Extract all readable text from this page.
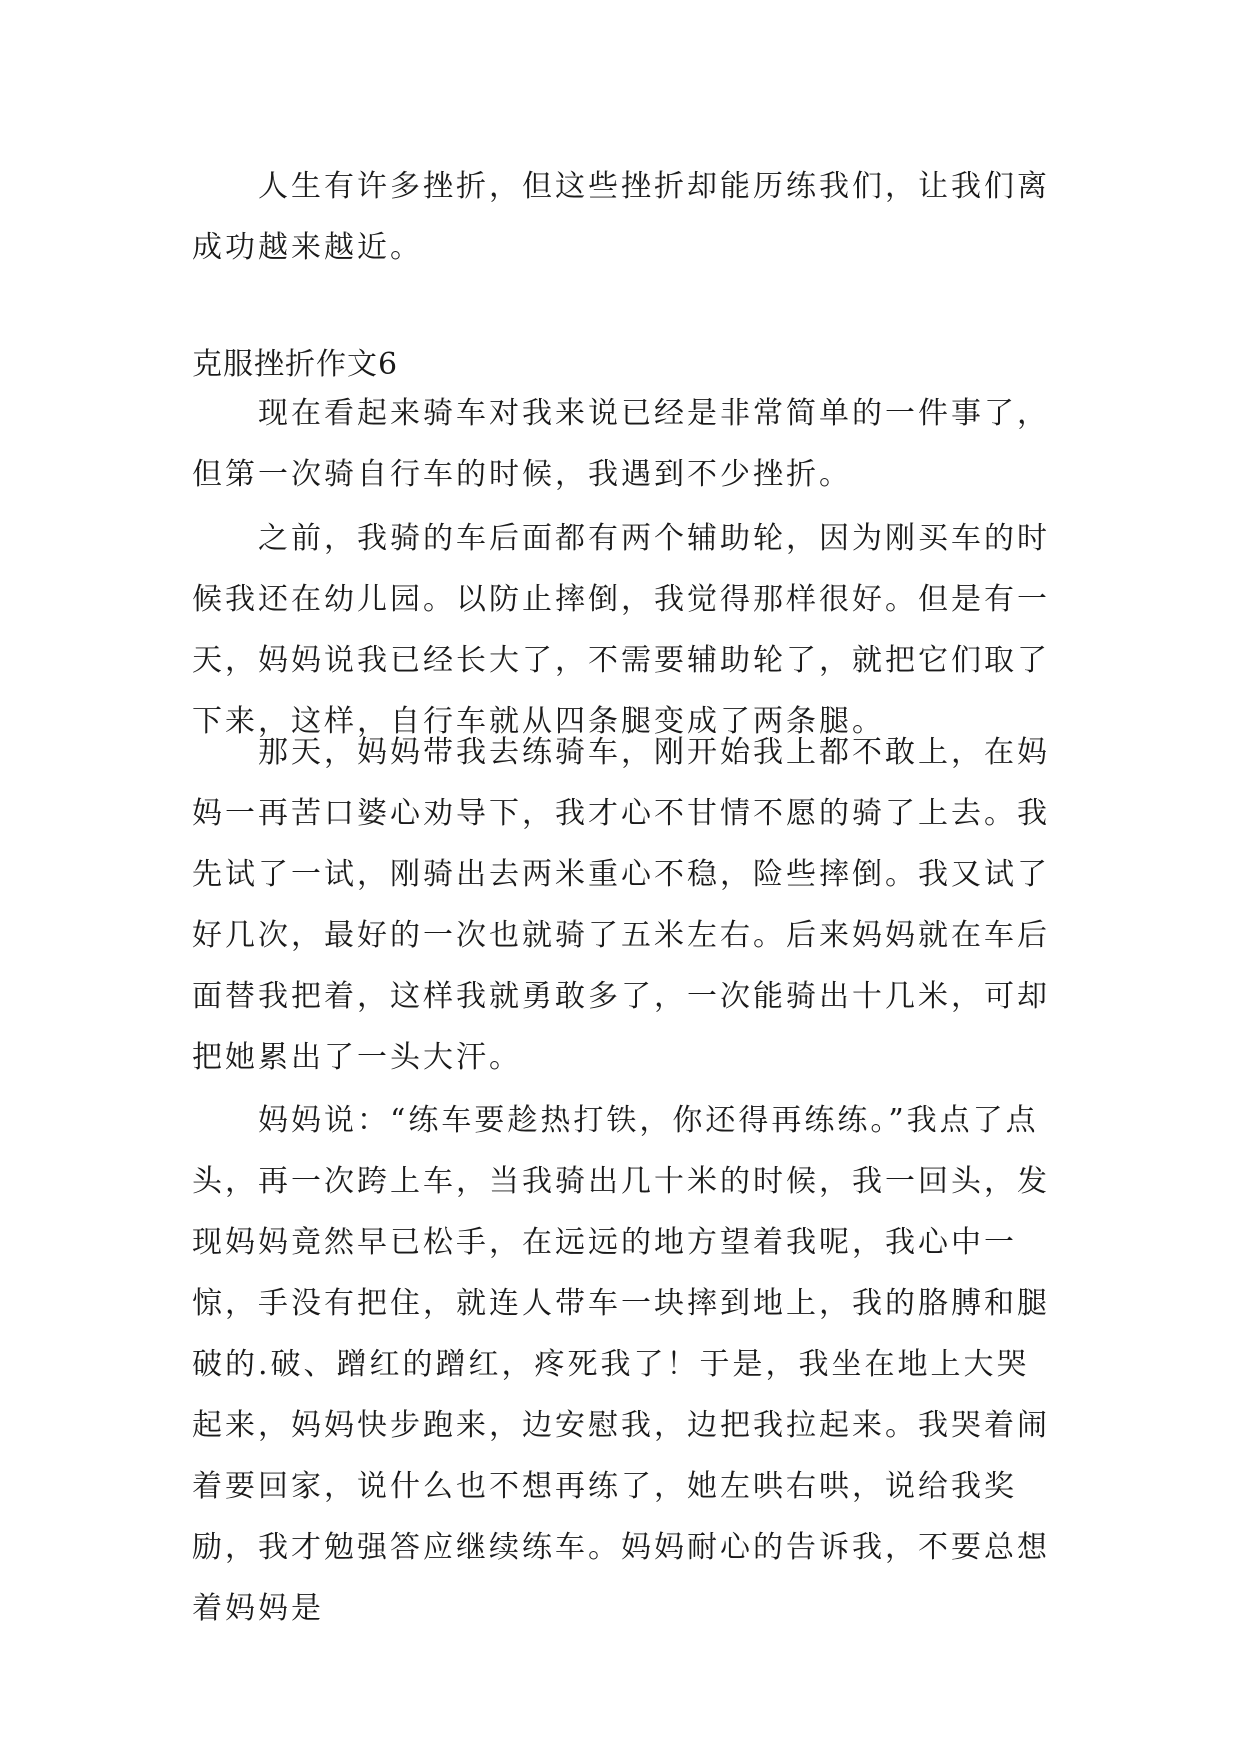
人生有许多挫折，但这些挫折却能历练我们，让我们离成功越来越近。

克服挫折作文6

现在看起来骑车对我来说已经是非常简单的一件事了，但第一次骑自行车的时候，我遇到不少挫折。

之前，我骑的车后面都有两个辅助轮，因为刚买车的时候我还在幼儿园。以防止摔倒，我觉得那样很好。但是有一天，妈妈说我已经长大了，不需要辅助轮了，就把它们取了下来，这样，自行车就从四条腿变成了两条腿。

那天，妈妈带我去练骑车，刚开始我上都不敢上，在妈妈一再苦口婆心劝导下，我才心不甘情不愿的骑了上去。我先试了一试，刚骑出去两米重心不稳，险些摔倒。我又试了好几次，最好的一次也就骑了五米左右。后来妈妈就在车后面替我把着，这样我就勇敢多了，一次能骑出十几米，可却把她累出了一头大汗。

妈妈说：“练车要趁热打铁，你还得再练练。”我点了点头，再一次跨上车，当我骑出几十米的时候，我一回头，发现妈妈竟然早已松手，在远远的地方望着我呢，我心中一惊，手没有把住，就连人带车一块摔到地上，我的胳膊和腿破的.破、蹭红的蹭红，疼死我了！于是，我坐在地上大哭起来，妈妈快步跑来，边安慰我，边把我拉起来。我哭着闹着要回家，说什么也不想再练了，她左哄右哄，说给我奖励，我才勉强答应继续练车。妈妈耐心的告诉我，不要总想着妈妈是
